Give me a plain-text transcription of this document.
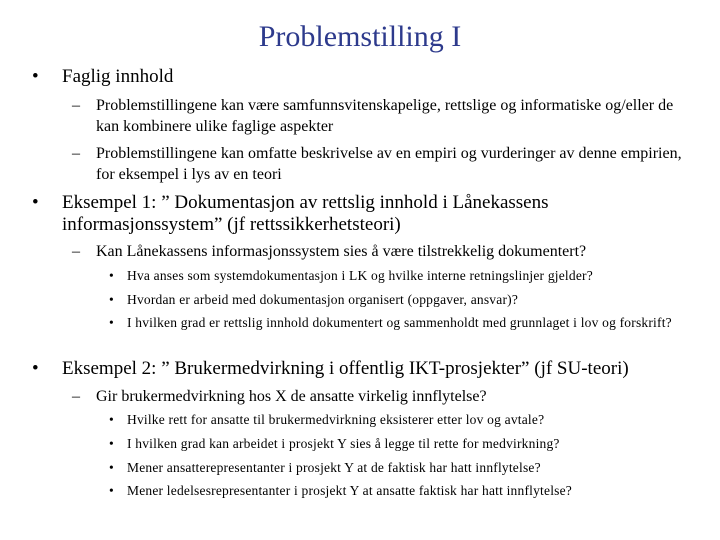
Problemstilling I
• Faglig innhold
– Problemstillingene kan være samfunnsvitenskapelige, rettslige og informatiske og/eller de kan kombinere ulike faglige aspekter
– Problemstillingene kan omfatte beskrivelse av en empiri og vurderinger av denne empirien, for eksempel i lys av en teori
• Eksempel 1: ” Dokumentasjon av rettslig innhold i Lånekassens informasjonssystem” (jf rettssikkerhetsteori)
– Kan Lånekassens informasjonssystem sies å være tilstrekkelig dokumentert?
• Hva anses som systemdokumentasjon i LK og hvilke interne retningslinjer gjelder?
• Hvordan er arbeid med dokumentasjon organisert (oppgaver, ansvar)?
• I hvilken grad er rettslig innhold dokumentert og sammenholdt med grunnlaget i lov og forskrift?
• Eksempel 2: ” Brukermedvirkning i offentlig IKT-prosjekter” (jf SU-teori)
– Gir brukermedvirkning hos X de ansatte virkelig innflytelse?
• Hvilke rett for ansatte til brukermedvirkning eksisterer etter lov og avtale?
• I hvilken grad kan arbeidet i prosjekt Y sies å legge til rette for medvirkning?
• Mener ansatterepresentanter i prosjekt Y at de faktisk har hatt innflytelse?
• Mener ledelsesrepresentanter i prosjekt Y at ansatte faktisk har hatt innflytelse?
